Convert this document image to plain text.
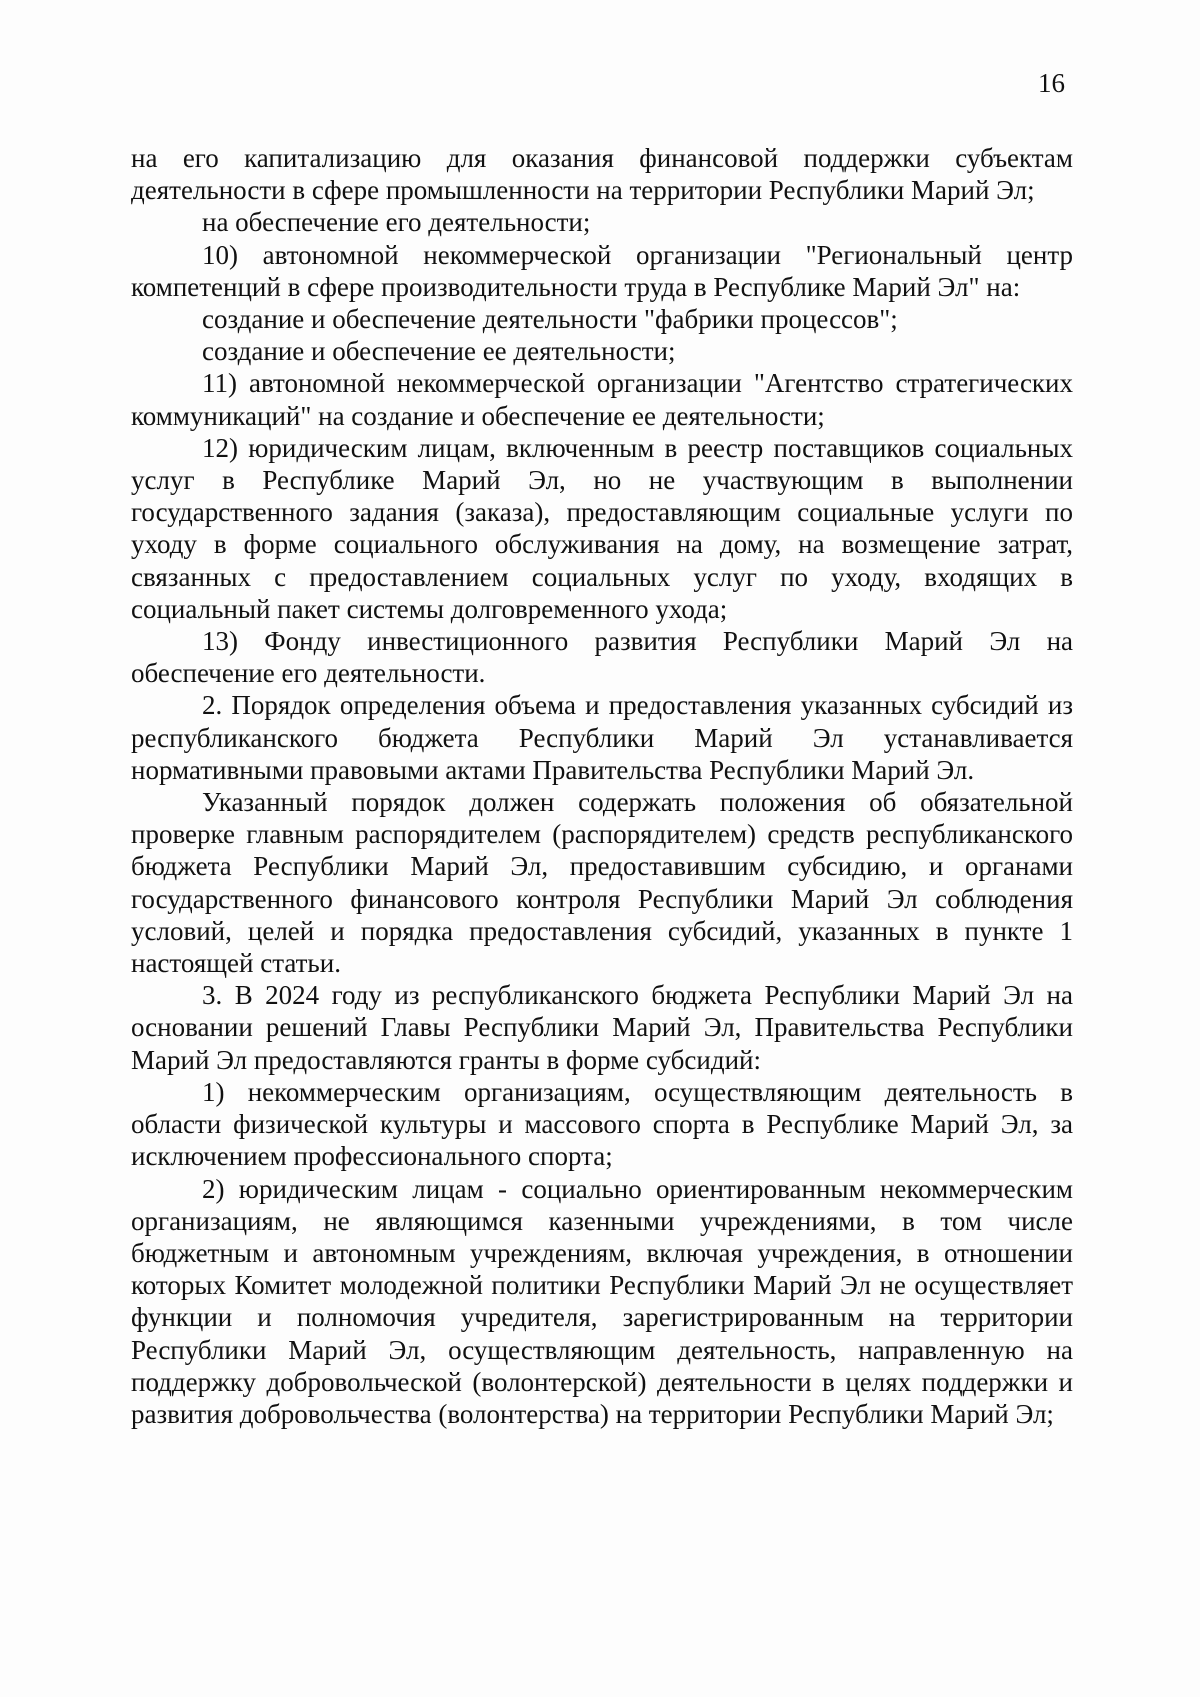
16

на его капитализацию для оказания финансовой поддержки субъектам деятельности в сфере промышленности на территории Республики Марий Эл;

на обеспечение его деятельности;

10) автономной некоммерческой организации "Региональный центр компетенций в сфере производительности труда в Республике Марий Эл" на:

создание и обеспечение деятельности "фабрики процессов";

создание и обеспечение ее деятельности;

11) автономной некоммерческой организации "Агентство стратегических коммуникаций" на создание и обеспечение ее деятельности;

12) юридическим лицам, включенным в реестр поставщиков социальных услуг в Республике Марий Эл, но не участвующим в выполнении государственного задания (заказа), предоставляющим социальные услуги по уходу в форме социального обслуживания на дому, на возмещение затрат, связанных с предоставлением социальных услуг по уходу, входящих в социальный пакет системы долговременного ухода;

13) Фонду инвестиционного развития Республики Марий Эл на обеспечение его деятельности.

2. Порядок определения объема и предоставления указанных субсидий из республиканского бюджета Республики Марий Эл устанавливается нормативными правовыми актами Правительства Республики Марий Эл.

Указанный порядок должен содержать положения об обязательной проверке главным распорядителем (распорядителем) средств республиканского бюджета Республики Марий Эл, предоставившим субсидию, и органами государственного финансового контроля Республики Марий Эл соблюдения условий, целей и порядка предоставления субсидий, указанных в пункте 1 настоящей статьи.

3. В 2024 году из республиканского бюджета Республики Марий Эл на основании решений Главы Республики Марий Эл, Правительства Республики Марий Эл предоставляются гранты в форме субсидий:

1) некоммерческим организациям, осуществляющим деятельность в области физической культуры и массового спорта в Республике Марий Эл, за исключением профессионального спорта;

2) юридическим лицам - социально ориентированным некоммерческим организациям, не являющимся казенными учреждениями, в том числе бюджетным и автономным учреждениям, включая учреждения, в отношении которых Комитет молодежной политики Республики Марий Эл не осуществляет функции и полномочия учредителя, зарегистрированным на территории Республики Марий Эл, осуществляющим деятельность, направленную на поддержку добровольческой (волонтерской) деятельности в целях поддержки и развития добровольчества (волонтерства) на территории Республики Марий Эл;
